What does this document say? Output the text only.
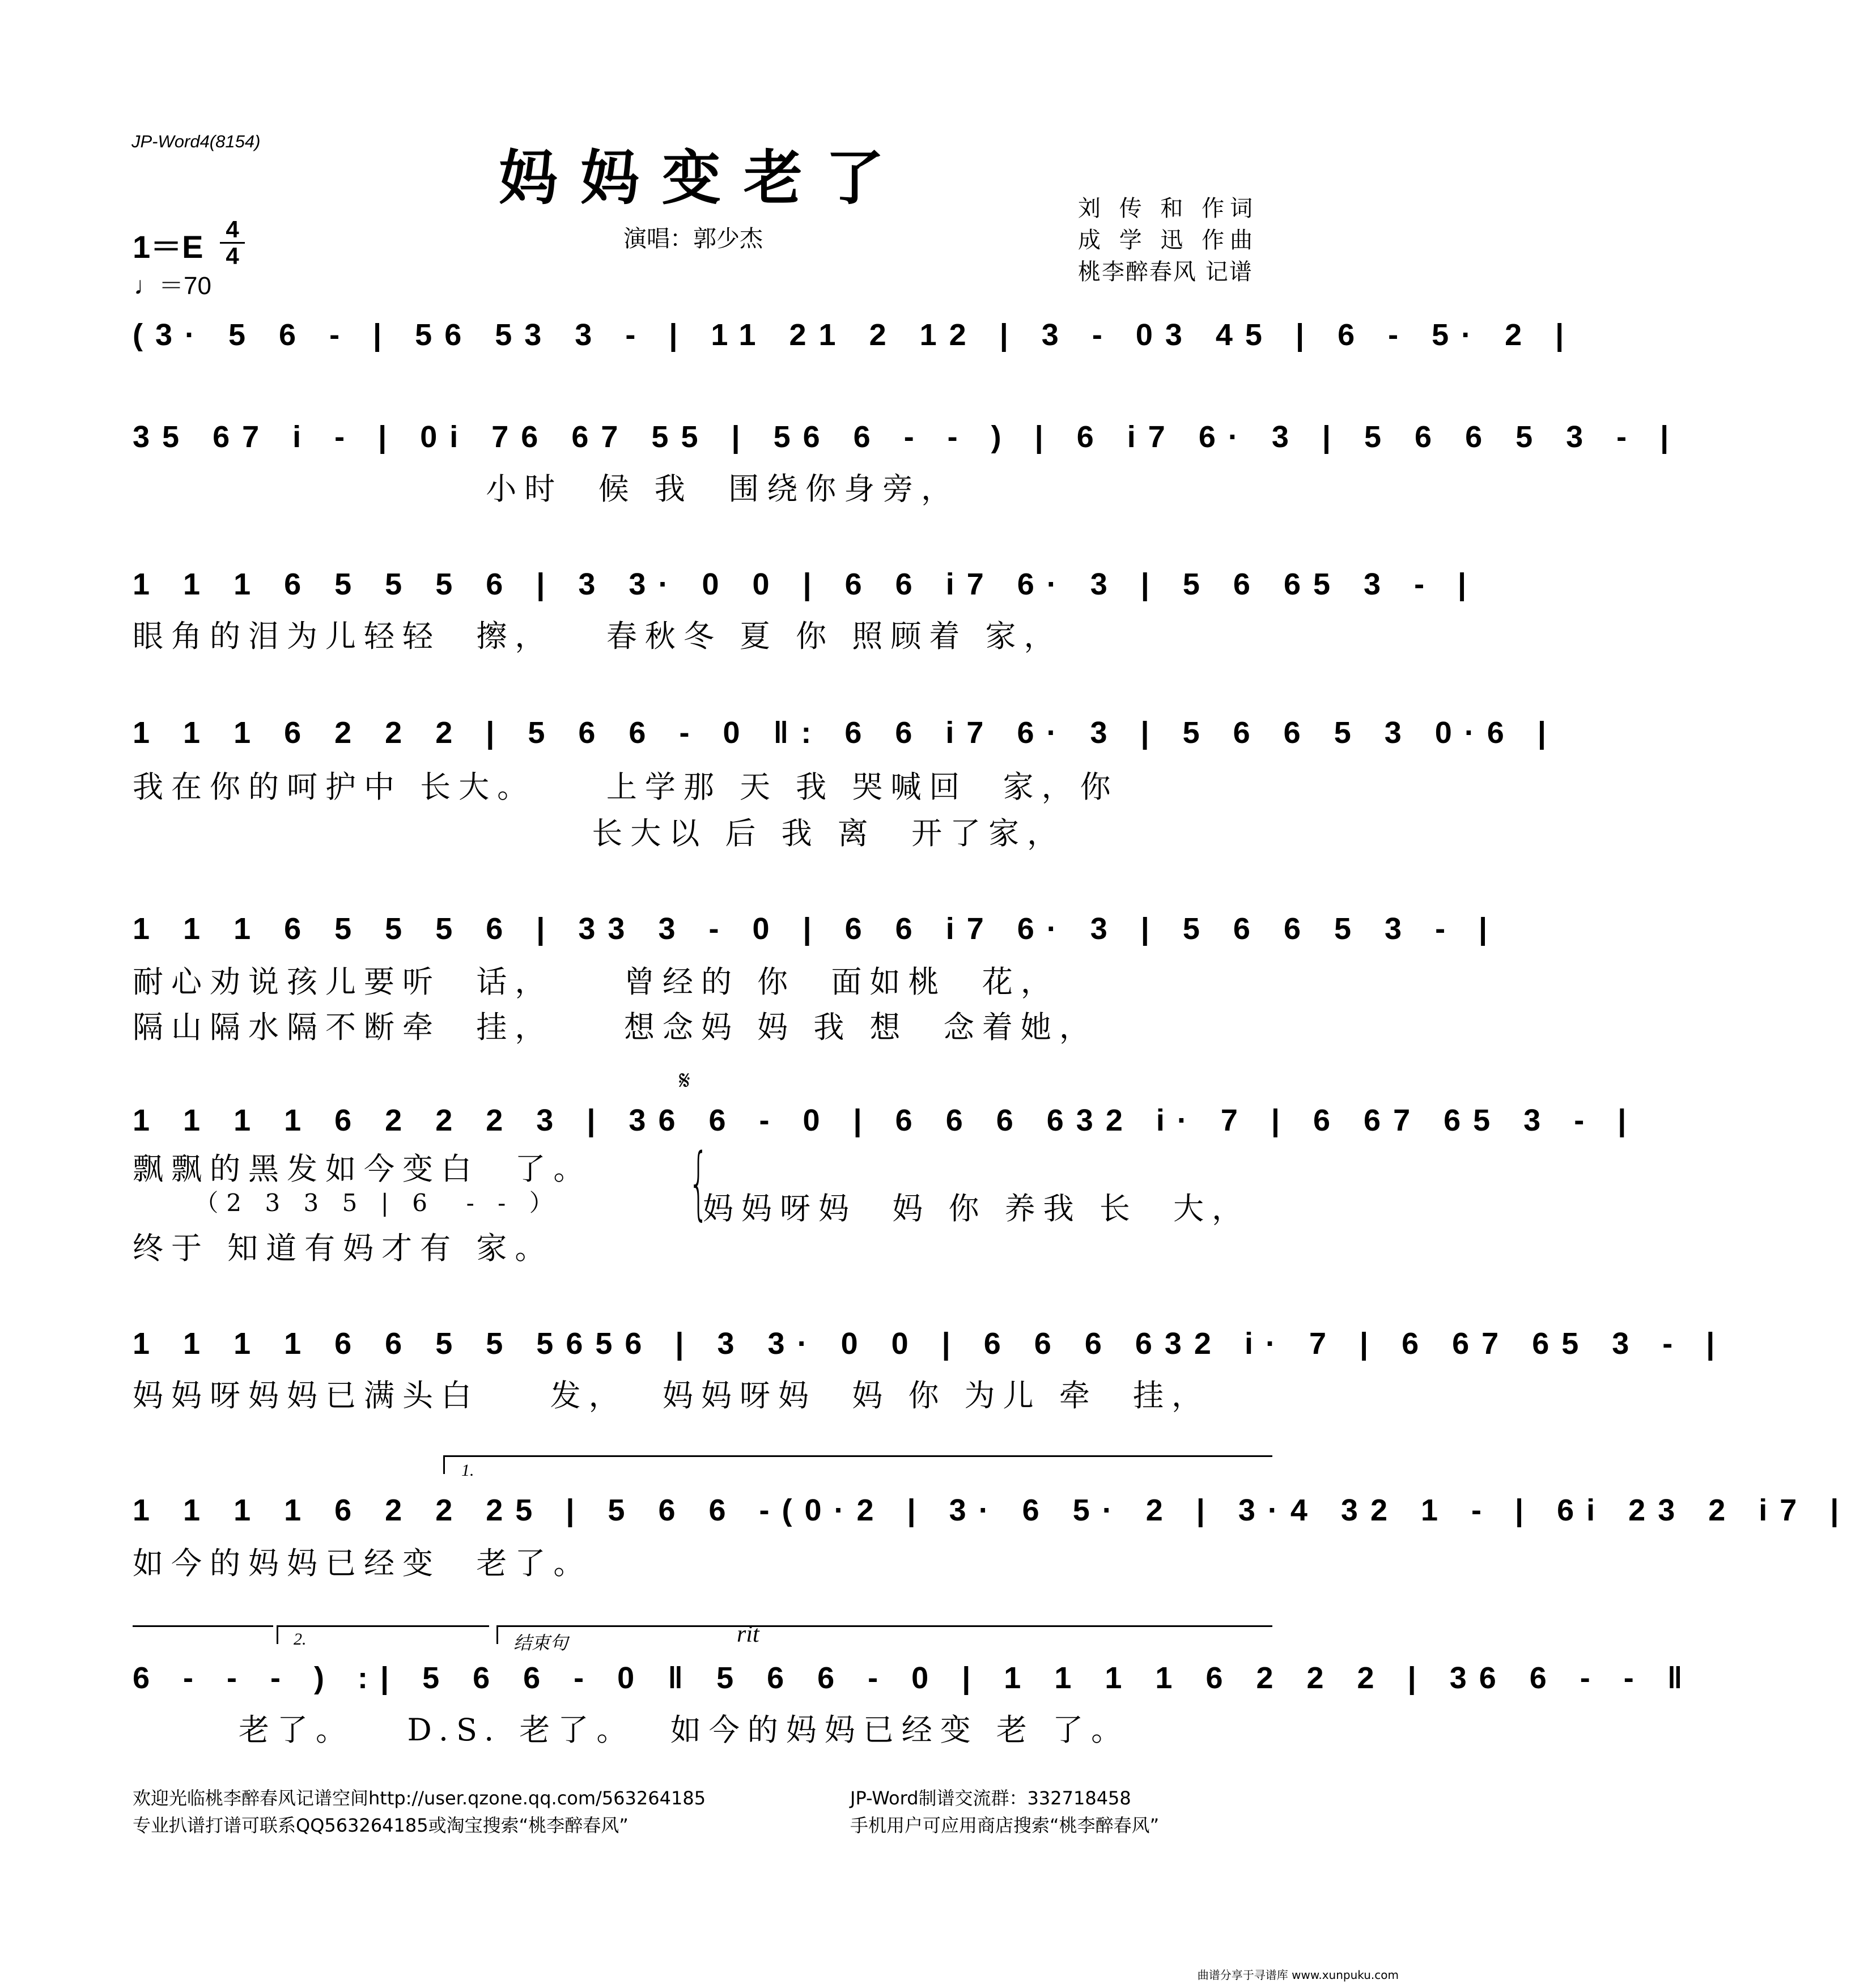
JP-Word4(8154)
妈妈变老了
演唱：郭少杰
刘 传 和 作词
成 学 迅 作曲
桃李醉春风 记谱
1＝E 4
4
♩＝70
(3· 5 6 - | 56 53 3 - | 11 21 2 12 | 3 - 03 45 | 6 - 5· 2 |
35 67 i - | 0i 76 67 55 | 56 6 - - ) | 6 i7 6· 3 | 5 6 6 5 3 - |
小时  候 我  围绕你身旁，
1 1 1 6 5 5 5 6 | 3 3· 0 0 | 6 6 i7 6· 3 | 5 6 65 3 - |
眼角的泪为儿轻轻  擦，   春秋冬 夏 你 照顾着 家，
1 1 1 6 2 2 2 | 5 6 6 - 0 ‖: 6 6 i7 6· 3 | 5 6 6 5 3 0·6 |
我在你的呵护中 长大。    上学那 天 我 哭喊回  家，你
长大以 后 我 离  开了家，
1 1 1 6 5 5 5 6 | 33 3 - 0 | 6 6 i7 6· 3 | 5 6 6 5 3 - |
耐心劝说孩儿要听  话，    曾经的 你  面如桃  花，
隔山隔水隔不断牵  挂，    想念妈 妈 我 想  念着她，
𝄋
1 1 1 1 6 2 2 2 3 | 36 6 - 0 | 6 6 6 632 i· 7 | 6 67 65 3 - |
飘飘的黑发如今变白  了。
（2 3 3 5 | 6  - - ）
终于 知道有妈才有 家。
{
妈妈呀妈  妈 你 养我 长  大，
1 1 1 1 6 6 5 5 5656 | 3 3· 0 0 | 6 6 6 632 i· 7 | 6 67 65 3 - |
妈妈呀妈妈已满头白    发，  妈妈呀妈  妈 你 为儿 牵  挂，
1.
1 1 1 1 6 2 2 25 | 5 6 6 -(0·2 | 3· 6 5· 2 | 3·4 32 1 - | 6i 23 2 i7 |
如今的妈妈已经变  老了。
2.	结束句	rit
6 - - - ) :| 5 6 6 - 0 ‖ 5 6 6 - 0 | 1 1 1 1 6 2 2 2 | 36 6 - - ‖
老了。   D.S. 老了。  如今的妈妈已经变 老 了。
欢迎光临桃李醉春风记谱空间http://user.qzone.qq.com/563264185	JP-Word制谱交流群：332718458
专业扒谱打谱可联系QQ563264185或淘宝搜索“桃李醉春风”	手机用户可应用商店搜索“桃李醉春风”
曲谱分享于寻谱库 www.xunpuku.com
